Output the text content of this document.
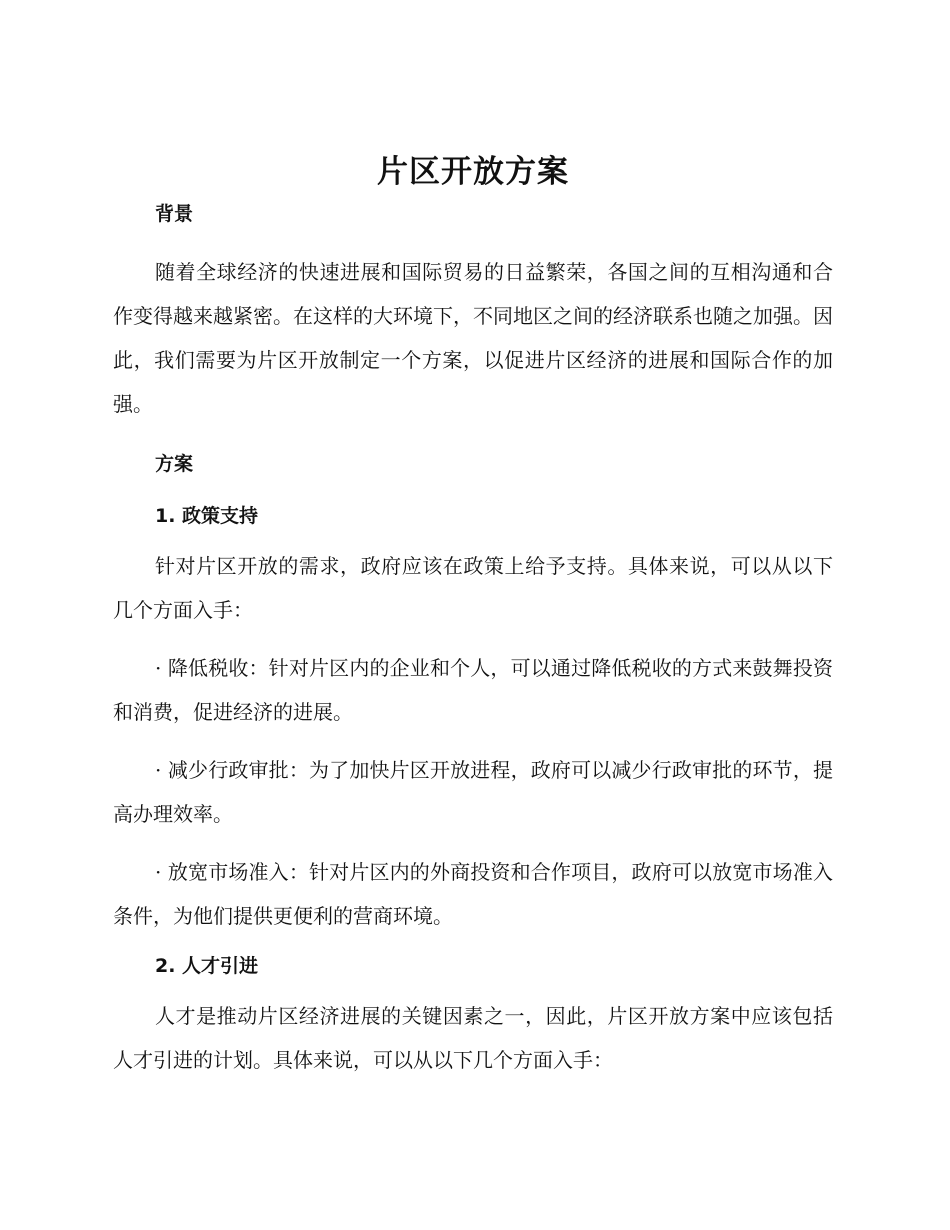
片区开放方案
背景

随着全球经济的快速进展和国际贸易的日益繁荣，各国之间的互相沟通和合作变得越来越紧密。在这样的大环境下，不同地区之间的经济联系也随之加强。因此，我们需要为片区开放制定一个方案，以促进片区经济的进展和国际合作的加强。

方案
1. 政策支持

针对片区开放的需求，政府应该在政策上给予支持。具体来说，可以从以下几个方面入手：

· 降低税收：针对片区内的企业和个人，可以通过降低税收的方式来鼓舞投资和消费，促进经济的进展。

· 减少行政审批：为了加快片区开放进程，政府可以减少行政审批的环节，提高办理效率。

· 放宽市场准入：针对片区内的外商投资和合作项目，政府可以放宽市场准入条件，为他们提供更便利的营商环境。

2. 人才引进

人才是推动片区经济进展的关键因素之一，因此，片区开放方案中应该包括人才引进的计划。具体来说，可以从以下几个方面入手：
